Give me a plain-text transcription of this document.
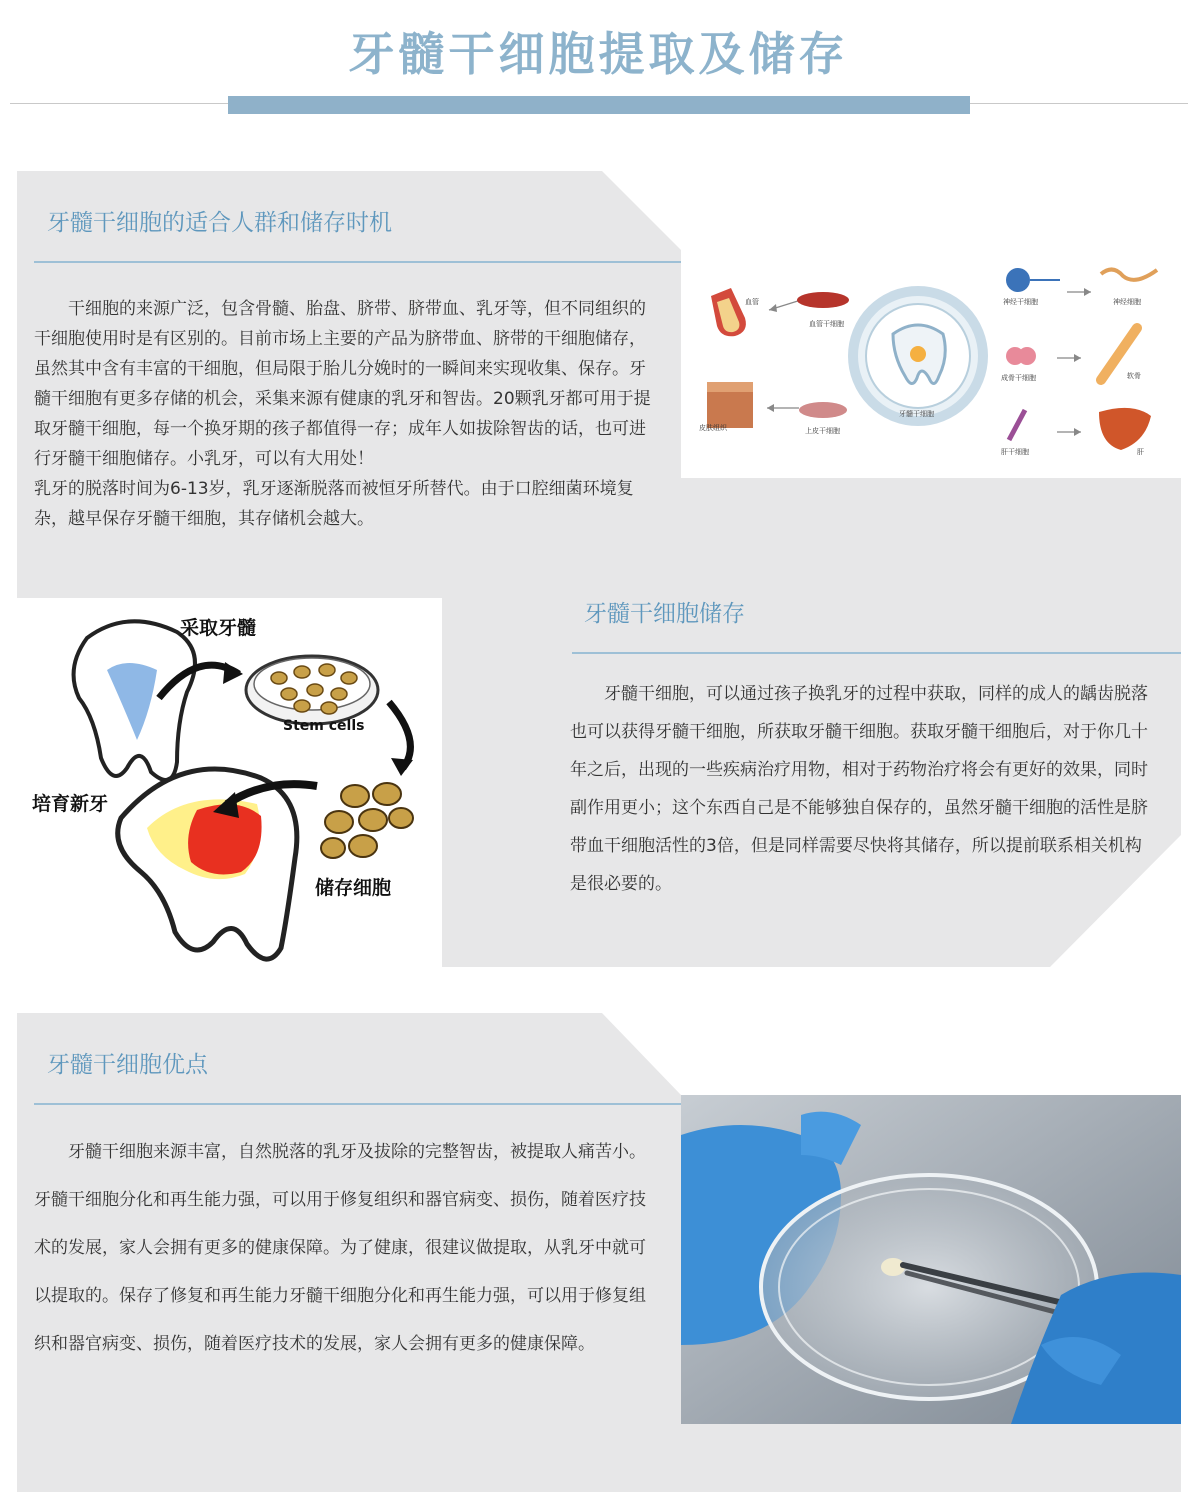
牙髓干细胞提取及储存
牙髓干细胞的适合人群和储存时机

干细胞的来源广泛，包含骨髓、胎盘、脐带、脐带血、乳牙等，但不同组织的干细胞使用时是有区别的。目前市场上主要的产品为脐带血、脐带的干细胞储存，虽然其中含有丰富的干细胞，但局限于胎儿分娩时的一瞬间来实现收集、保存。牙髓干细胞有更多存储的机会，采集来源有健康的乳牙和智齿。20颗乳牙都可用于提取牙髓干细胞，每一个换牙期的孩子都值得一存；成年人如拔除智齿的话，也可进行牙髓干细胞储存。小乳牙，可以有大用处！

乳牙的脱落时间为6-13岁，乳牙逐渐脱落而被恒牙所替代。由于口腔细菌环境复杂，越早保存牙髓干细胞，其存储机会越大。

牙髓干细胞
血管
血管干细胞
皮肤组织	上皮干细胞
神经干细胞	神经细胞
成骨干细胞	软骨
肝干细胞	肝
采取牙髓
Stem cells
储存细胞
培育新牙
牙髓干细胞储存

牙髓干细胞，可以通过孩子换乳牙的过程中获取，同样的成人的龋齿脱落也可以获得牙髓干细胞，所获取牙髓干细胞。获取牙髓干细胞后，对于你几十年之后，出现的一些疾病治疗用物，相对于药物治疗将会有更好的效果，同时副作用更小；这个东西自己是不能够独自保存的，虽然牙髓干细胞的活性是脐带血干细胞活性的3倍，但是同样需要尽快将其储存，所以提前联系相关机构是很必要的。

牙髓干细胞优点

牙髓干细胞来源丰富，自然脱落的乳牙及拔除的完整智齿，被提取人痛苦小。牙髓干细胞分化和再生能力强，可以用于修复组织和器官病变、损伤，随着医疗技术的发展，家人会拥有更多的健康保障。为了健康，很建议做提取，从乳牙中就可以提取的。保存了修复和再生能力牙髓干细胞分化和再生能力强，可以用于修复组织和器官病变、损伤，随着医疗技术的发展，家人会拥有更多的健康保障。
